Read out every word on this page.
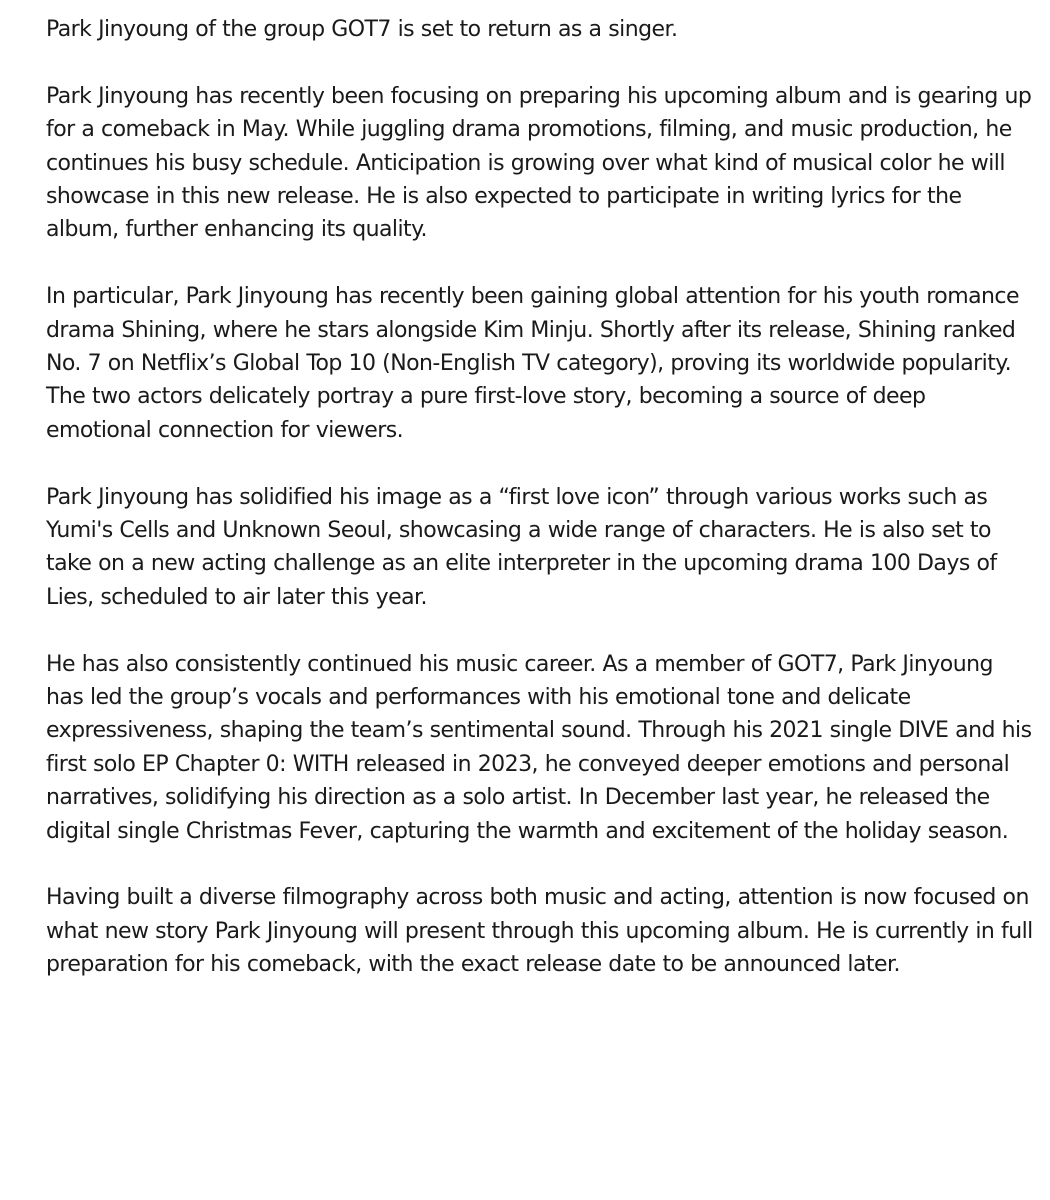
Park Jinyoung of the group GOT7 is set to return as a singer.

Park Jinyoung has recently been focusing on preparing his upcoming album and is gearing up for a comeback in May. While juggling drama promotions, filming, and music production, he continues his busy schedule. Anticipation is growing over what kind of musical color he will showcase in this new release. He is also expected to participate in writing lyrics for the album, further enhancing its quality.

In particular, Park Jinyoung has recently been gaining global attention for his youth romance drama Shining, where he stars alongside Kim Minju. Shortly after its release, Shining ranked No. 7 on Netflix’s Global Top 10 (Non-English TV category), proving its worldwide popularity. The two actors delicately portray a pure first-love story, becoming a source of deep emotional connection for viewers.

Park Jinyoung has solidified his image as a “first love icon” through various works such as Yumi's Cells and Unknown Seoul, showcasing a wide range of characters. He is also set to take on a new acting challenge as an elite interpreter in the upcoming drama 100 Days of Lies, scheduled to air later this year.

He has also consistently continued his music career. As a member of GOT7, Park Jinyoung has led the group’s vocals and performances with his emotional tone and delicate expressiveness, shaping the team’s sentimental sound. Through his 2021 single DIVE and his first solo EP Chapter 0: WITH released in 2023, he conveyed deeper emotions and personal narratives, solidifying his direction as a solo artist. In December last year, he released the digital single Christmas Fever, capturing the warmth and excitement of the holiday season.

Having built a diverse filmography across both music and acting, attention is now focused on what new story Park Jinyoung will present through this upcoming album. He is currently in full preparation for his comeback, with the exact release date to be announced later.
